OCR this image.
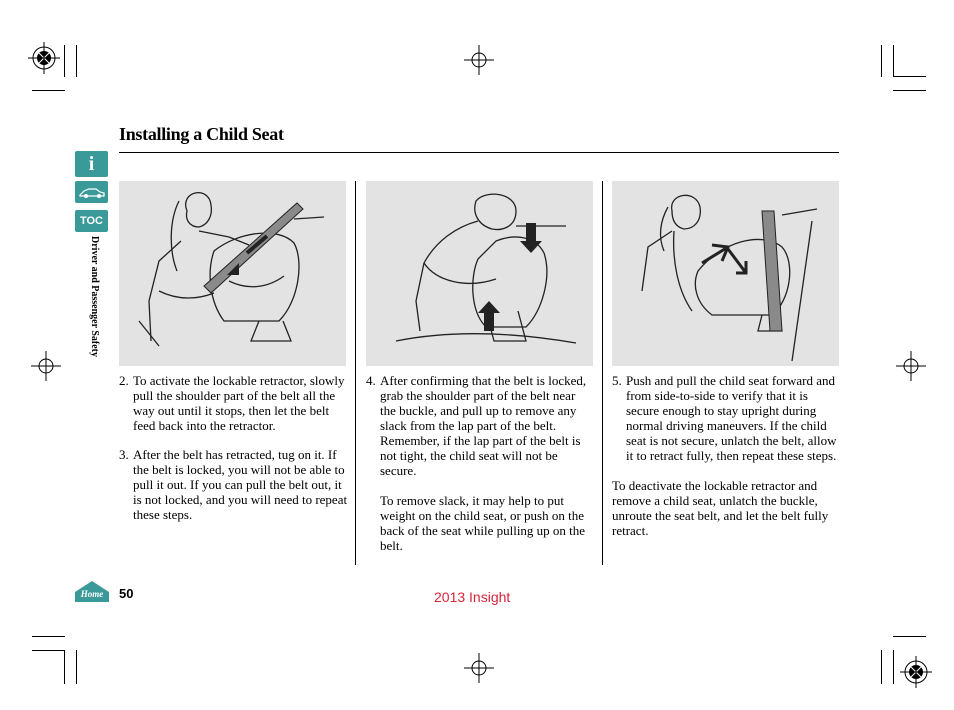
Installing a Child Seat
i
TOC
Driver and Passenger Safety
2. To activate the lockable retractor, slowly pull the shoulder part of the belt all the way out until it stops, then let the belt feed back into the retractor.
3. After the belt has retracted, tug on it. If the belt is locked, you will not be able to pull it out. If you can pull the belt out, it is not locked, and you will need to repeat these steps.
4. After confirming that the belt is locked, grab the shoulder part of the belt near the buckle, and pull up to remove any slack from the lap part of the belt. Remember, if the lap part of the belt is not tight, the child seat will not be secure.
To remove slack, it may help to put weight on the child seat, or push on the back of the seat while pulling up on the belt.
5. Push and pull the child seat forward and from side-to-side to verify that it is secure enough to stay upright during normal driving maneuvers. If the child seat is not secure, unlatch the belt, allow it to retract fully, then repeat these steps.
To deactivate the lockable retractor and remove a child seat, unlatch the buckle, unroute the seat belt, and let the belt fully retract.
Home 50	2013 Insight
